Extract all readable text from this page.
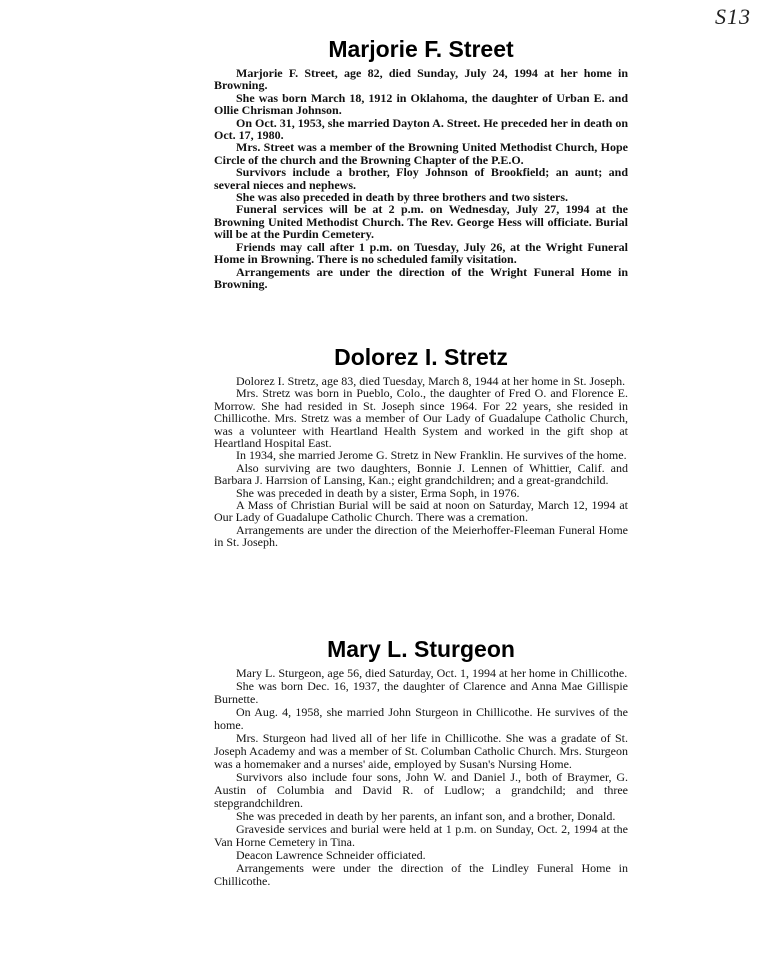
S13
Marjorie F. Street

Marjorie F. Street, age 82, died Sunday, July 24, 1994 at her home in Browning.

She was born March 18, 1912 in Oklahoma, the daughter of Urban E. and Ollie Chrisman Johnson.

On Oct. 31, 1953, she married Dayton A. Street. He preceded her in death on Oct. 17, 1980.

Mrs. Street was a member of the Browning United Methodist Church, Hope Circle of the church and the Browning Chapter of the P.E.O.

Survivors include a brother, Floy Johnson of Brookfield; an aunt; and several nieces and nephews.

She was also preceded in death by three brothers and two sisters.

Funeral services will be at 2 p.m. on Wednesday, July 27, 1994 at the Browning United Methodist Church. The Rev. George Hess will officiate. Burial will be at the Purdin Cemetery.

Friends may call after 1 p.m. on Tuesday, July 26, at the Wright Funeral Home in Browning. There is no scheduled family visitation.

Arrangements are under the direction of the Wright Funeral Home in Browning.

Dolorez I. Stretz

Dolorez I. Stretz, age 83, died Tuesday, March 8, 1944 at her home in St. Joseph.

Mrs. Stretz was born in Pueblo, Colo., the daughter of Fred O. and Florence E. Morrow. She had resided in St. Joseph since 1964. For 22 years, she resided in Chillicothe. Mrs. Stretz was a member of Our Lady of Guadalupe Catholic Church, was a volunteer with Heartland Health System and worked in the gift shop at Heartland Hospital East.

In 1934, she married Jerome G. Stretz in New Franklin. He survives of the home.

Also surviving are two daughters, Bonnie J. Lennen of Whittier, Calif. and Barbara J. Harrsion of Lansing, Kan.; eight grandchildren; and a great-grandchild.

She was preceded in death by a sister, Erma Soph, in 1976.

A Mass of Christian Burial will be said at noon on Saturday, March 12, 1994 at Our Lady of Guadalupe Catholic Church. There was a cremation.

Arrangements are under the direction of the Meierhoffer-Fleeman Funeral Home in St. Joseph.

Mary L. Sturgeon

Mary L. Sturgeon, age 56, died Saturday, Oct. 1, 1994 at her home in Chillicothe.

She was born Dec. 16, 1937, the daughter of Clarence and Anna Mae Gillispie Burnette.

On Aug. 4, 1958, she married John Sturgeon in Chillicothe. He survives of the home.

Mrs. Sturgeon had lived all of her life in Chillicothe. She was a gradate of St. Joseph Academy and was a member of St. Columban Catholic Church. Mrs. Sturgeon was a homemaker and a nurses' aide, employed by Susan's Nursing Home.

Survivors also include four sons, John W. and Daniel J., both of Braymer, G. Austin of Columbia and David R. of Ludlow; a grandchild; and three stepgrandchildren.

She was preceded in death by her parents, an infant son, and a brother, Donald.

Graveside services and burial were held at 1 p.m. on Sunday, Oct. 2, 1994 at the Van Horne Cemetery in Tina.

Deacon Lawrence Schneider officiated.

Arrangements were under the direction of the Lindley Funeral Home in Chillicothe.
